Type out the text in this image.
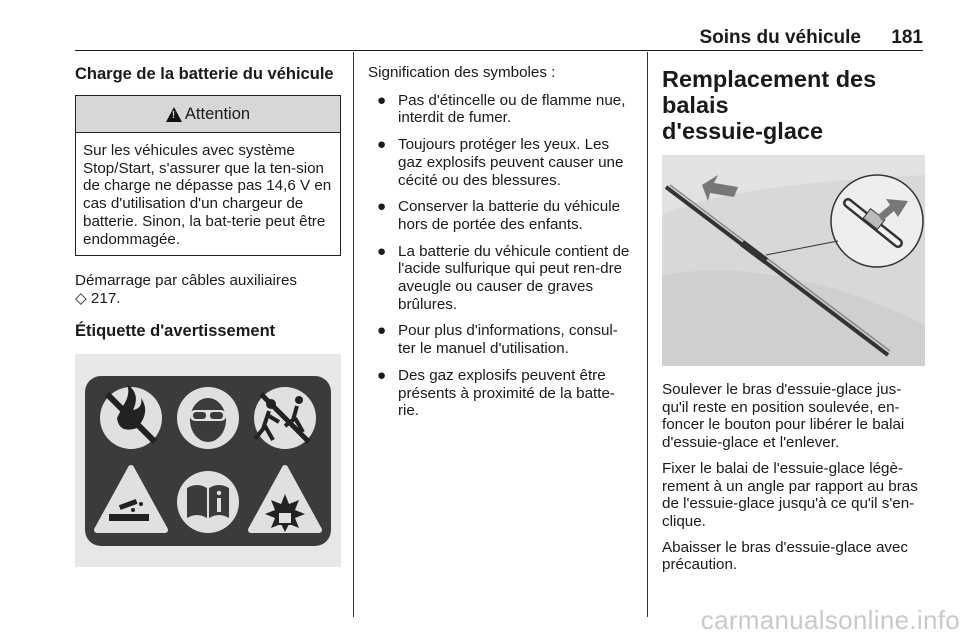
Soins du véhicule 181
Charge de la batterie du véhicule
! Attention
Sur les véhicules avec système Stop/Start, s'assurer que la ten-sion de charge ne dépasse pas 14,6 V en cas d'utilisation d'un chargeur de batterie. Sinon, la bat-terie peut être endommagée.

Démarrage par câbles auxiliaires
◇ 217.

Étiquette d'avertissement

Signification des symboles :

● Pas d'étincelle ou de flamme nue, interdit de fumer.
● Toujours protéger les yeux. Les gaz explosifs peuvent causer une cécité ou des blessures.
● Conserver la batterie du véhicule hors de portée des enfants.
● La batterie du véhicule contient de l'acide sulfurique qui peut ren-dre aveugle ou causer de graves brûlures.
● Pour plus d'informations, consul-ter le manuel d'utilisation.
● Des gaz explosifs peuvent être présents à proximité de la batte-rie.
Remplacement des balais
d'essuie-glace

Soulever le bras d'essuie-glace jus-qu'il reste en position soulevée, en-foncer le bouton pour libérer le balai d'essuie-glace et l'enlever.

Fixer le balai de l'essuie-glace légè-rement à un angle par rapport au bras de l'essuie-glace jusqu'à ce qu'il s'en-clique.

Abaisser le bras d'essuie-glace avec précaution.

carmanualsonline.info
